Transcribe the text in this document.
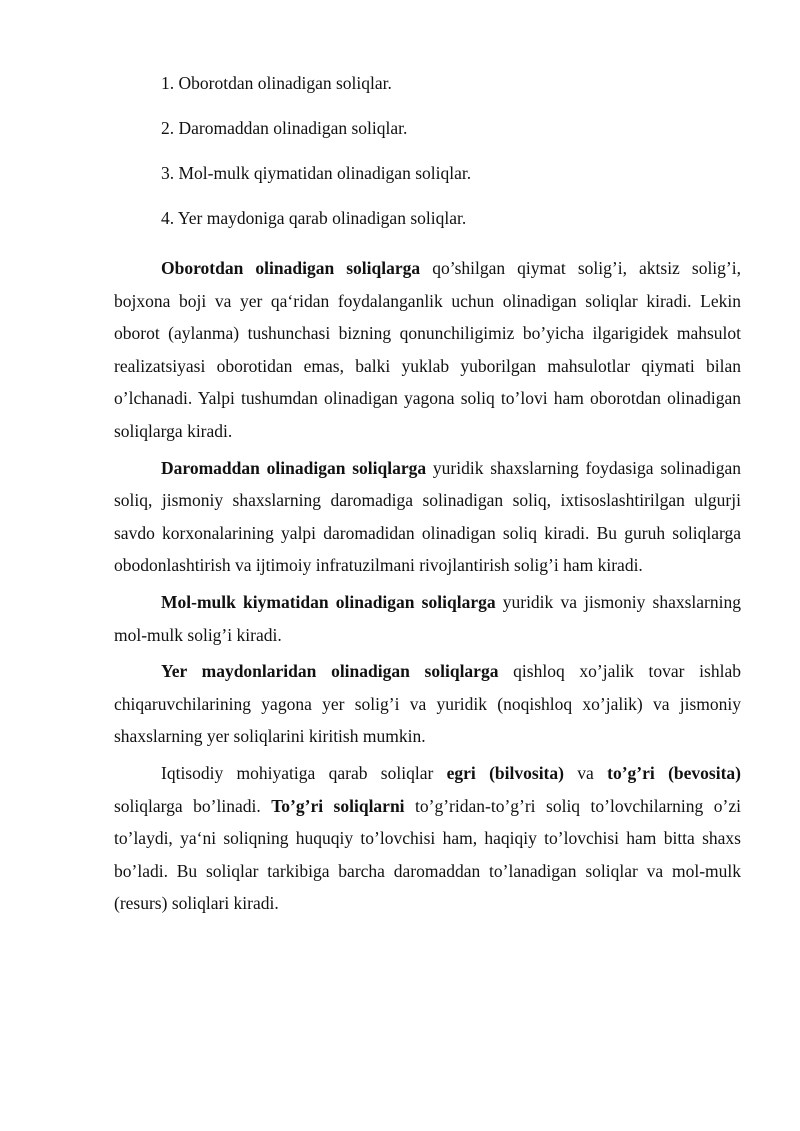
1. Oborotdan olinadigan soliqlar.

2. Daromaddan olinadigan soliqlar.

3. Mol-mulk qiymatidan olinadigan soliqlar.

4. Yer maydoniga qarab olinadigan soliqlar.

Oborotdan olinadigan soliqlarga qo’shilgan qiymat solig’i, aktsiz solig’i, bojxona boji va yer qa‘ridan foydalanganlik uchun olinadigan soliqlar kiradi. Lekin oborot (aylanma) tushunchasi bizning qonunchiligimiz bo’yicha ilgarigidek mahsulot realizatsiyasi oborotidan emas, balki yuklab yuborilgan mahsulotlar qiymati bilan o’lchanadi. Yalpi tushumdan olinadigan yagona soliq to’lovi ham oborotdan olinadigan soliqlarga kiradi.

Daromaddan olinadigan soliqlarga yuridik shaxslarning foydasiga solinadigan soliq, jismoniy shaxslarning daromadiga solinadigan soliq, ixtisoslashtirilgan ulgurji savdo korxonalarining yalpi daromadidan olinadigan soliq kiradi. Bu guruh soliqlarga obodonlashtirish va ijtimoiy infratuzilmani rivojlantirish solig’i ham kiradi.

Mol-mulk kiymatidan olinadigan soliqlarga yuridik va jismoniy shaxslarning mol-mulk solig’i kiradi.

Yer maydonlaridan olinadigan soliqlarga qishloq xo’jalik tovar ishlab chiqaruvchilarining yagona yer solig’i va yuridik (noqishloq xo’jalik) va jismoniy shaxslarning yer soliqlarini kiritish mumkin.

Iqtisodiy mohiyatiga qarab soliqlar egri (bilvosita) va to’g’ri (bevosita) soliqlarga bo’linadi. To’g’ri soliqlarni to’g’ridan-to’g’ri soliq to’lovchilarning o’zi to’laydi, ya‘ni soliqning huquqiy to’lovchisi ham, haqiqiy to’lovchisi ham bitta shaxs bo’ladi. Bu soliqlar tarkibiga barcha daromaddan to’lanadigan soliqlar va mol-mulk (resurs) soliqlari kiradi.
